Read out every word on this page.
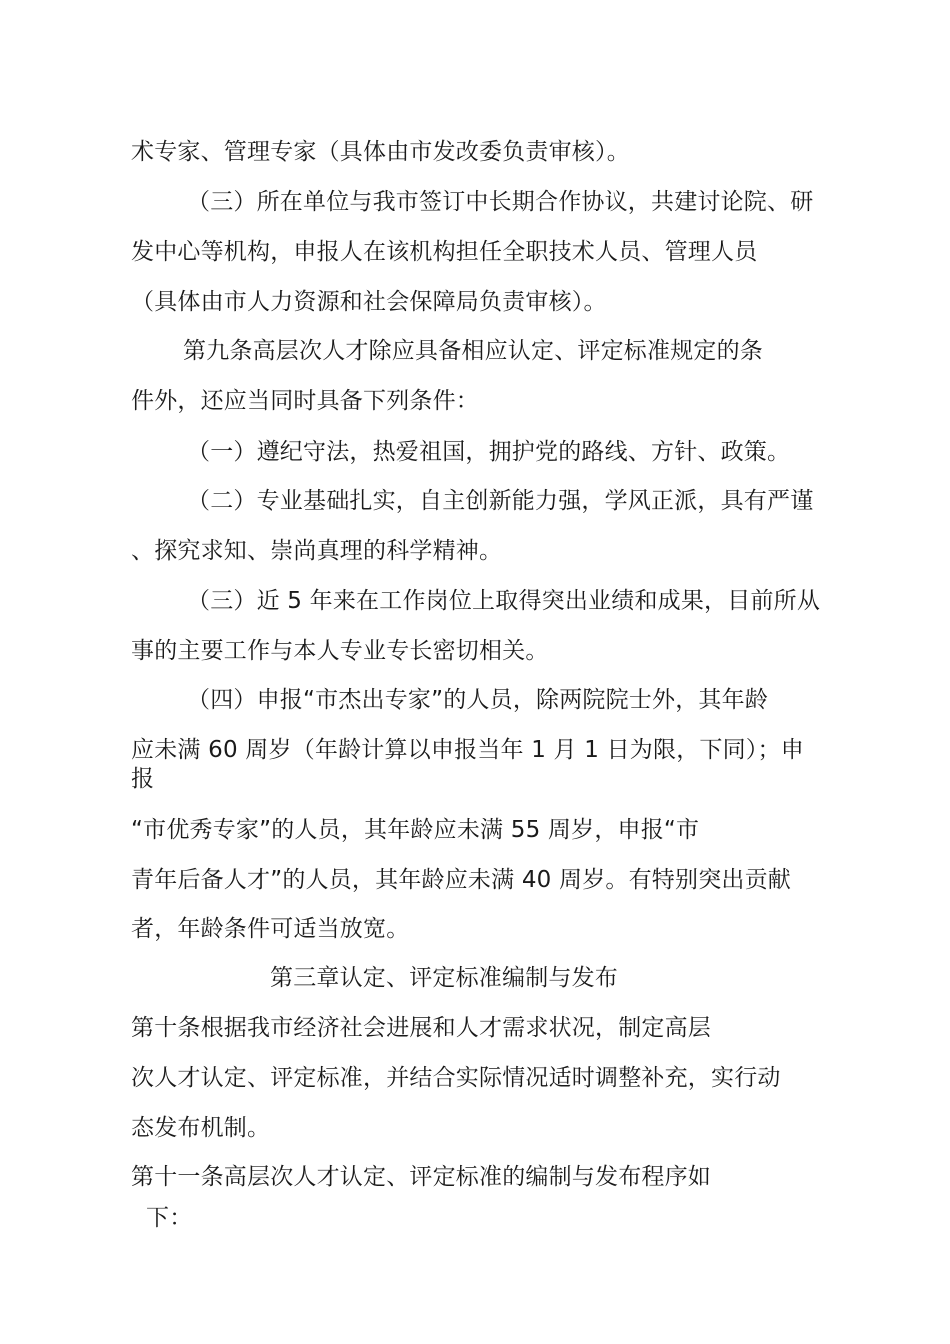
术专家、管理专家（具体由市发改委负责审核）。
（三）所在单位与我市签订中长期合作协议，共建讨论院、研
发中心等机构，申报人在该机构担任全职技术人员、管理人员
（具体由市人力资源和社会保障局负责审核）。
第九条高层次人才除应具备相应认定、评定标准规定的条
件外，还应当同时具备下列条件：
（一）遵纪守法，热爱祖国，拥护党的路线、方针、政策。
（二）专业基础扎实，自主创新能力强，学风正派，具有严谨
、探究求知、崇尚真理的科学精神。
（三）近 5 年来在工作岗位上取得突出业绩和成果，目前所从
事的主要工作与本人专业专长密切相关。
（四）申报“市杰出专家”的人员，除两院院士外，其年龄
应未满 60 周岁（年龄计算以申报当年 1 月 1 日为限，下同）；申
报
“市优秀专家”的人员，其年龄应未满 55 周岁，申报“市
青年后备人才”的人员，其年龄应未满 40 周岁。有特别突出贡献
者，年龄条件可适当放宽。
第三章认定、评定标准编制与发布
第十条根据我市经济社会进展和人才需求状况，制定高层
次人才认定、评定标准，并结合实际情况适时调整补充，实行动
态发布机制。
第十一条高层次人才认定、评定标准的编制与发布程序如
下：
